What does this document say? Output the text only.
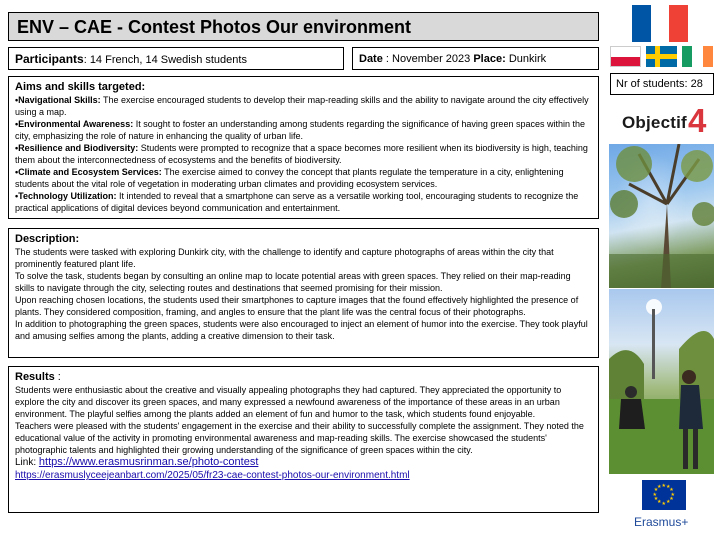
ENV – CAE - Contest Photos Our environment
Participants: 14 French, 14 Swedish students	Date : November 2023 Place: Dunkirk
Aims and skills targeted:

•Navigational Skills: The exercise encouraged students to develop their map-reading skills and the ability to navigate around the city effectively using a map.

•Environmental Awareness: It sought to foster an understanding among students regarding the significance of having green spaces within the city, emphasizing the role of nature in enhancing the quality of urban life.

•Resilience and Biodiversity: Students were prompted to recognize that a space becomes more resilient when its biodiversity is high, teaching them about the interconnectedness of ecosystems and the benefits of biodiversity.

•Climate and Ecosystem Services: The exercise aimed to convey the concept that plants regulate the temperature in a city, enlightening students about the vital role of vegetation in moderating urban climates and providing ecosystem services.

•Technology Utilization: It intended to reveal that a smartphone can serve as a versatile working tool, encouraging students to recognize the practical applications of digital devices beyond communication and entertainment.

Description:

The students were tasked with exploring Dunkirk city, with the challenge to identify and capture photographs of areas within the city that prominently featured plant life.

To solve the task, students began by consulting an online map to locate potential areas with green spaces. They relied on their map-reading skills to navigate through the city, selecting routes and destinations that seemed promising for their mission.

Upon reaching chosen locations, the students used their smartphones to capture images that the found effectively highlighted the presence of plants. They considered composition, framing, and angles to ensure that the plant life was the central focus of their photographs.

In addition to photographing the green spaces, students were also encouraged to inject an element of humor into the exercise. They took playful and amusing selfies among the plants, adding a creative dimension to their task.

Results :

Students were enthusiastic about the creative and visually appealing photographs they had captured. They appreciated the opportunity to explore the city and discover its green spaces, and many expressed a newfound awareness of the importance of these areas in an urban environment. The playful selfies among the plants added an element of fun and humor to the task, which students found enjoyable.

Teachers were pleased with the students' engagement in the exercise and their ability to successfully complete the assignment. They noted the educational value of the activity in promoting environmental awareness and map-reading skills. The exercise showcased the students' photographic talents and highlighted their growing understanding of the significance of green spaces within the city.

Link: https://www.erasmusrinman.se/photo-contest
https://erasmuslyceejeanbart.com/2025/05/fr23-cae-contest-photos-our-environment.html
Nr of students: 28
Objectif 4
★ ★
★
★
★
★
★
★
★
★
★
★
Erasmus+
